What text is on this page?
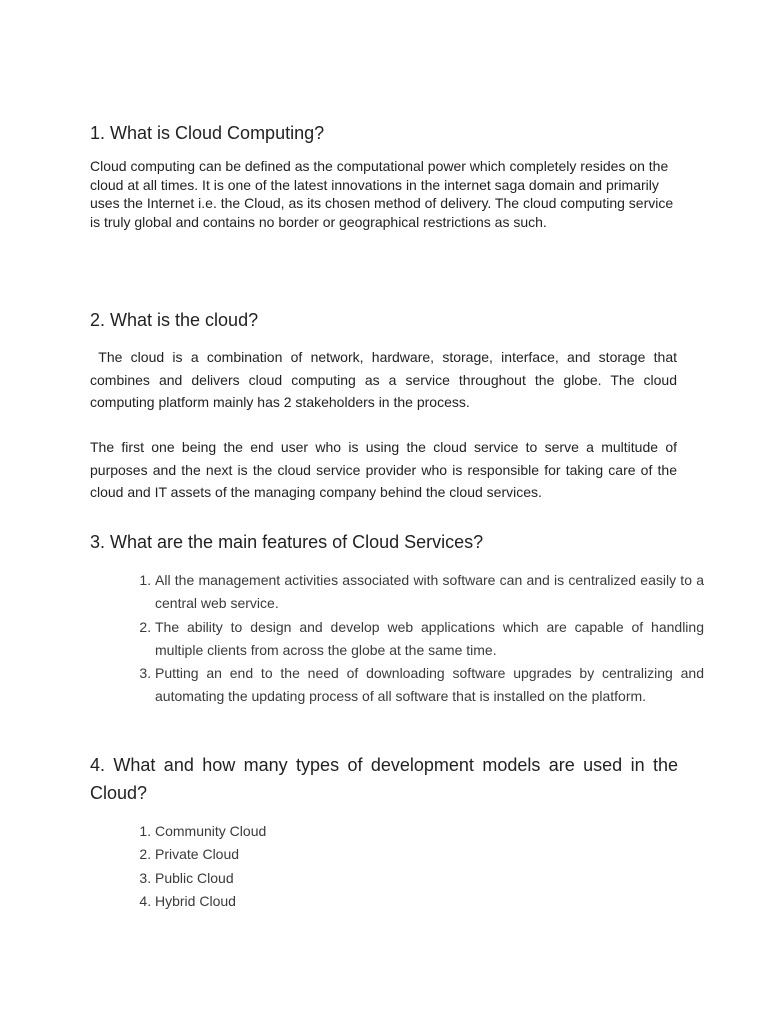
1. What is Cloud Computing?

Cloud computing can be defined as the computational power which completely resides on the cloud at all times. It is one of the latest innovations in the internet saga domain and primarily uses the Internet i.e. the Cloud, as its chosen method of delivery. The cloud computing service is truly global and contains no border or geographical restrictions as such.

2. What is the cloud?

The cloud is a combination of network, hardware, storage, interface, and storage that combines and delivers cloud computing as a service throughout the globe. The cloud computing platform mainly has 2 stakeholders in the process.

The first one being the end user who is using the cloud service to serve a multitude of purposes and the next is the cloud service provider who is responsible for taking care of the cloud and IT assets of the managing company behind the cloud services.

3. What are the main features of Cloud Services?
1. All the management activities associated with software can and is centralized easily to a central web service.
2. The ability to design and develop web applications which are capable of handling multiple clients from across the globe at the same time.
3. Putting an end to the need of downloading software upgrades by centralizing and automating the updating process of all software that is installed on the platform.
4. What and how many types of development models are used in the Cloud?
1. Community Cloud
2. Private Cloud
3. Public Cloud
4. Hybrid Cloud
